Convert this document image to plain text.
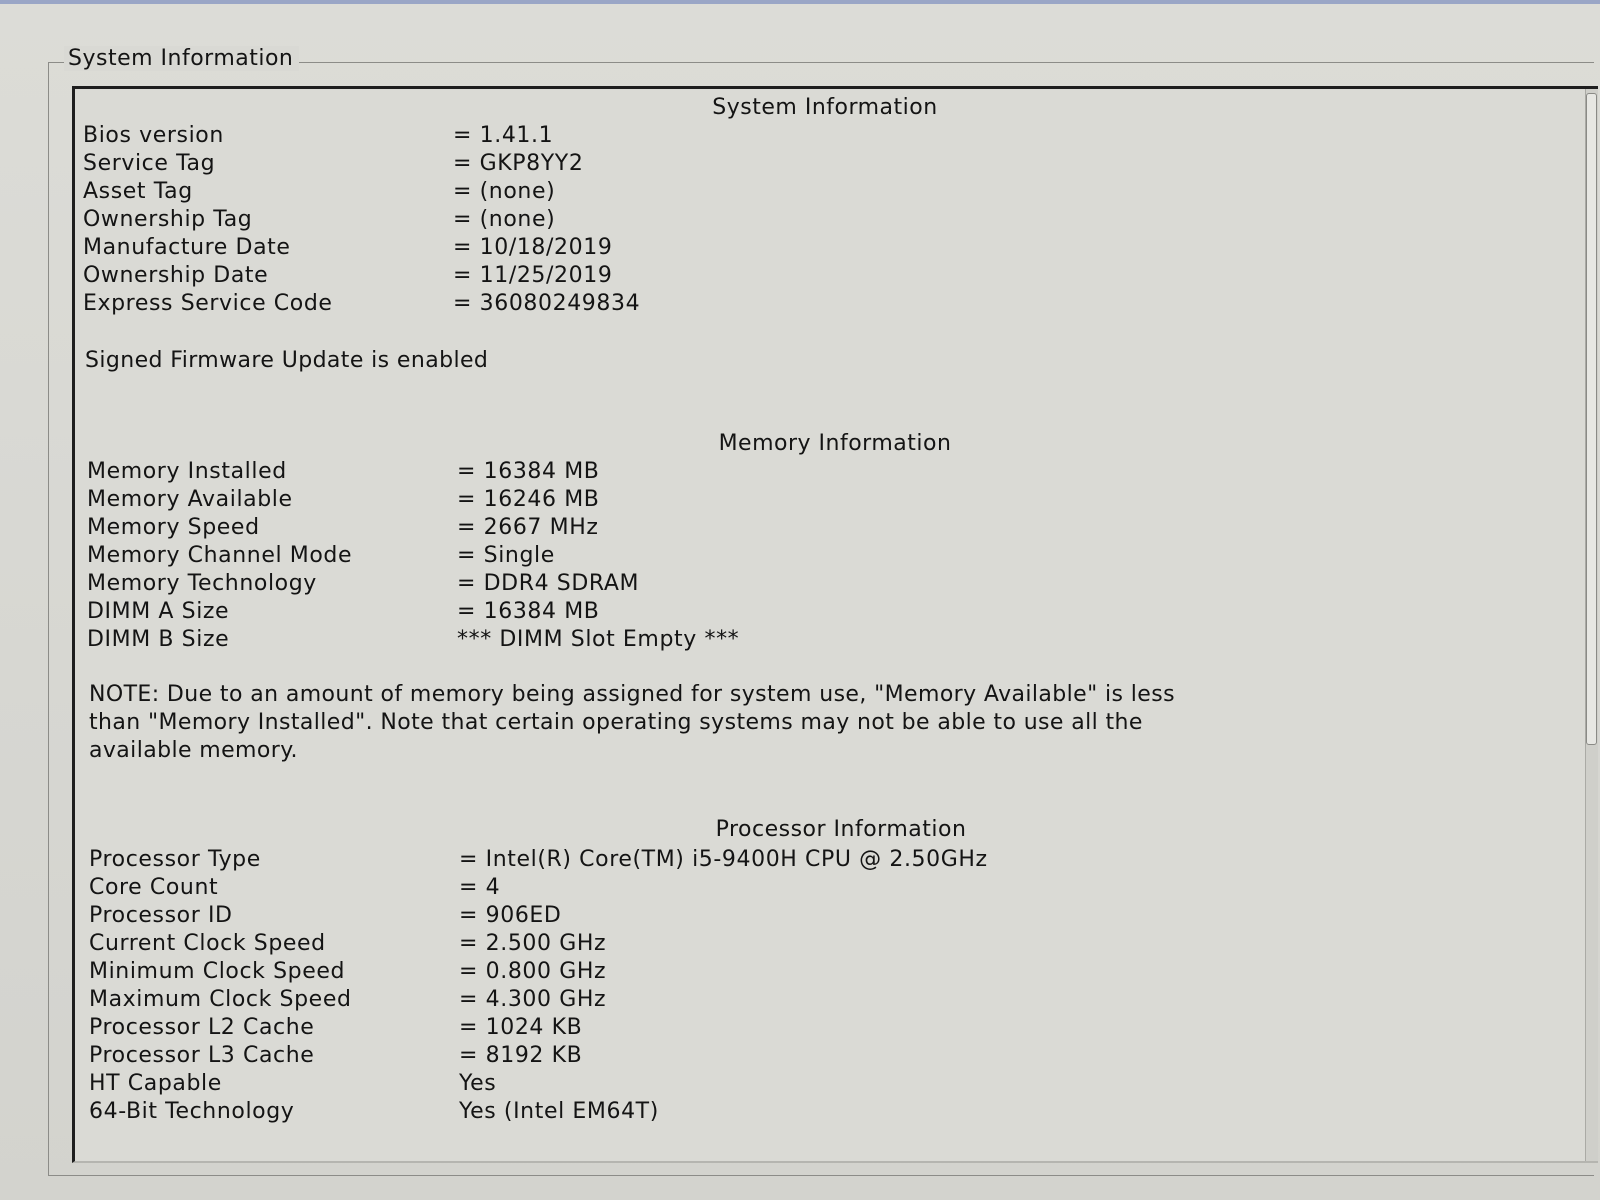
System Information
System Information
Bios version	= 1.41.1
Service Tag	= GKP8YY2
Asset Tag	= (none)
Ownership Tag	= (none)
Manufacture Date	= 10/18/2019
Ownership Date	= 11/25/2019
Express Service Code	= 36080249834
Signed Firmware Update is enabled
Memory Information
Memory Installed	= 16384 MB
Memory Available	= 16246 MB
Memory Speed	= 2667 MHz
Memory Channel Mode	= Single
Memory Technology	= DDR4 SDRAM
DIMM A Size	= 16384 MB
DIMM B Size	*** DIMM Slot Empty ***
NOTE: Due to an amount of memory being assigned for system use, "Memory Available" is less
than "Memory Installed". Note that certain operating systems may not be able to use all the
available memory.
Processor Information
Processor Type	= Intel(R) Core(TM) i5-9400H CPU @ 2.50GHz
Core Count	= 4
Processor ID	= 906ED
Current Clock Speed	= 2.500 GHz
Minimum Clock Speed	= 0.800 GHz
Maximum Clock Speed	= 4.300 GHz
Processor L2 Cache	= 1024 KB
Processor L3 Cache	= 8192 KB
HT Capable	Yes
64-Bit Technology	Yes (Intel EM64T)
